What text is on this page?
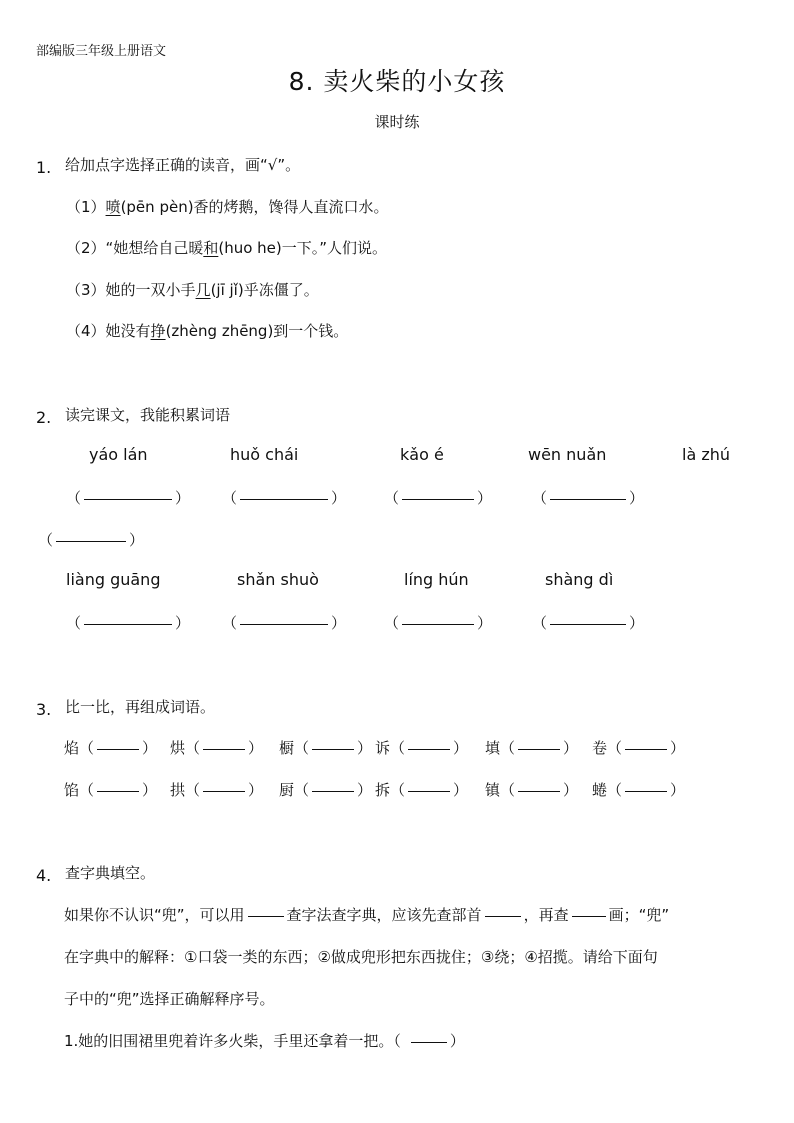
部编版三年级上册语文
8. 卖火柴的小女孩
课时练
1. 给加点字选择正确的读音，画“√”。
（1）喷(pēn pèn)香的烤鹅，馋得人直流口水。
（2）“她想给自己暖和(huo he)一下。”人们说。
（3）她的一双小手几(jī jǐ)乎冻僵了。
（4）她没有挣(zhèng zhēng)到一个钱。
2. 读完课文，我能积累词语
yáo lán	huǒ chái	kǎo é	wēn nuǎn	là zhú
（	） （	）	（	）	（	）
（	）
liàng guāng	shǎn shuò	líng hún	shàng dì
（	） （	）	（	）	（	）
3. 比一比，再组成词语。
焰（	） 烘（	） 橱（	） 诉（	） 填（	） 卷（	）
馅（	） 拱（	） 厨（	） 拆（	） 镇（	） 蜷（	）
4. 查字典填空。
如果你不认识“兜”，可以用	查字法查字典，应该先查部首	，再查	画；“兜”
在字典中的解释：①口袋一类的东西；②做成兜形把东西拢住；③绕；④招揽。请给下面句
子中的“兜”选择正确解释序号。
1.她的旧围裙里兜着许多火柴，手里还拿着一把。（	）
